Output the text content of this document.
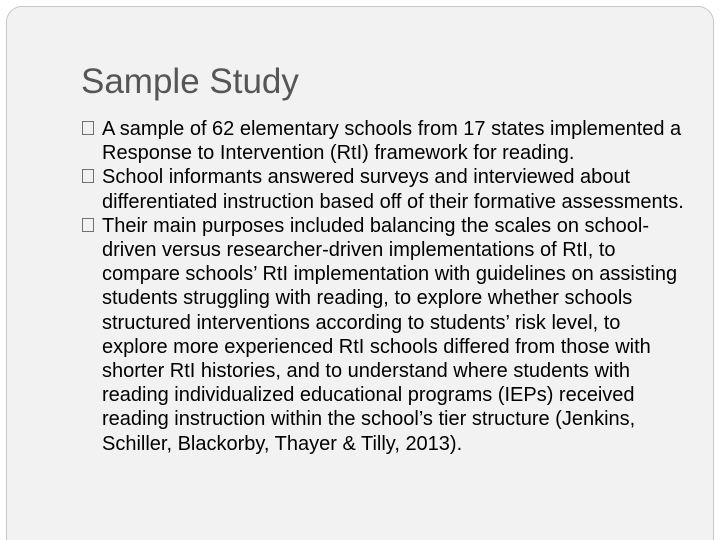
Sample Study
A sample of 62 elementary schools from 17 states implemented a Response to Intervention (RtI) framework for reading.
School informants answered surveys and interviewed about differentiated instruction based off of their formative assessments.
Their main purposes included balancing the scales on school-driven versus researcher-driven implementations of RtI, to compare schools’ RtI implementation with guidelines on assisting students struggling with reading, to explore whether schools structured interventions according to students’ risk level, to explore more experienced RtI schools differed from those with shorter RtI histories, and to understand where students with reading individualized educational programs (IEPs) received reading instruction within the school’s tier structure (Jenkins, Schiller, Blackorby, Thayer & Tilly, 2013).
